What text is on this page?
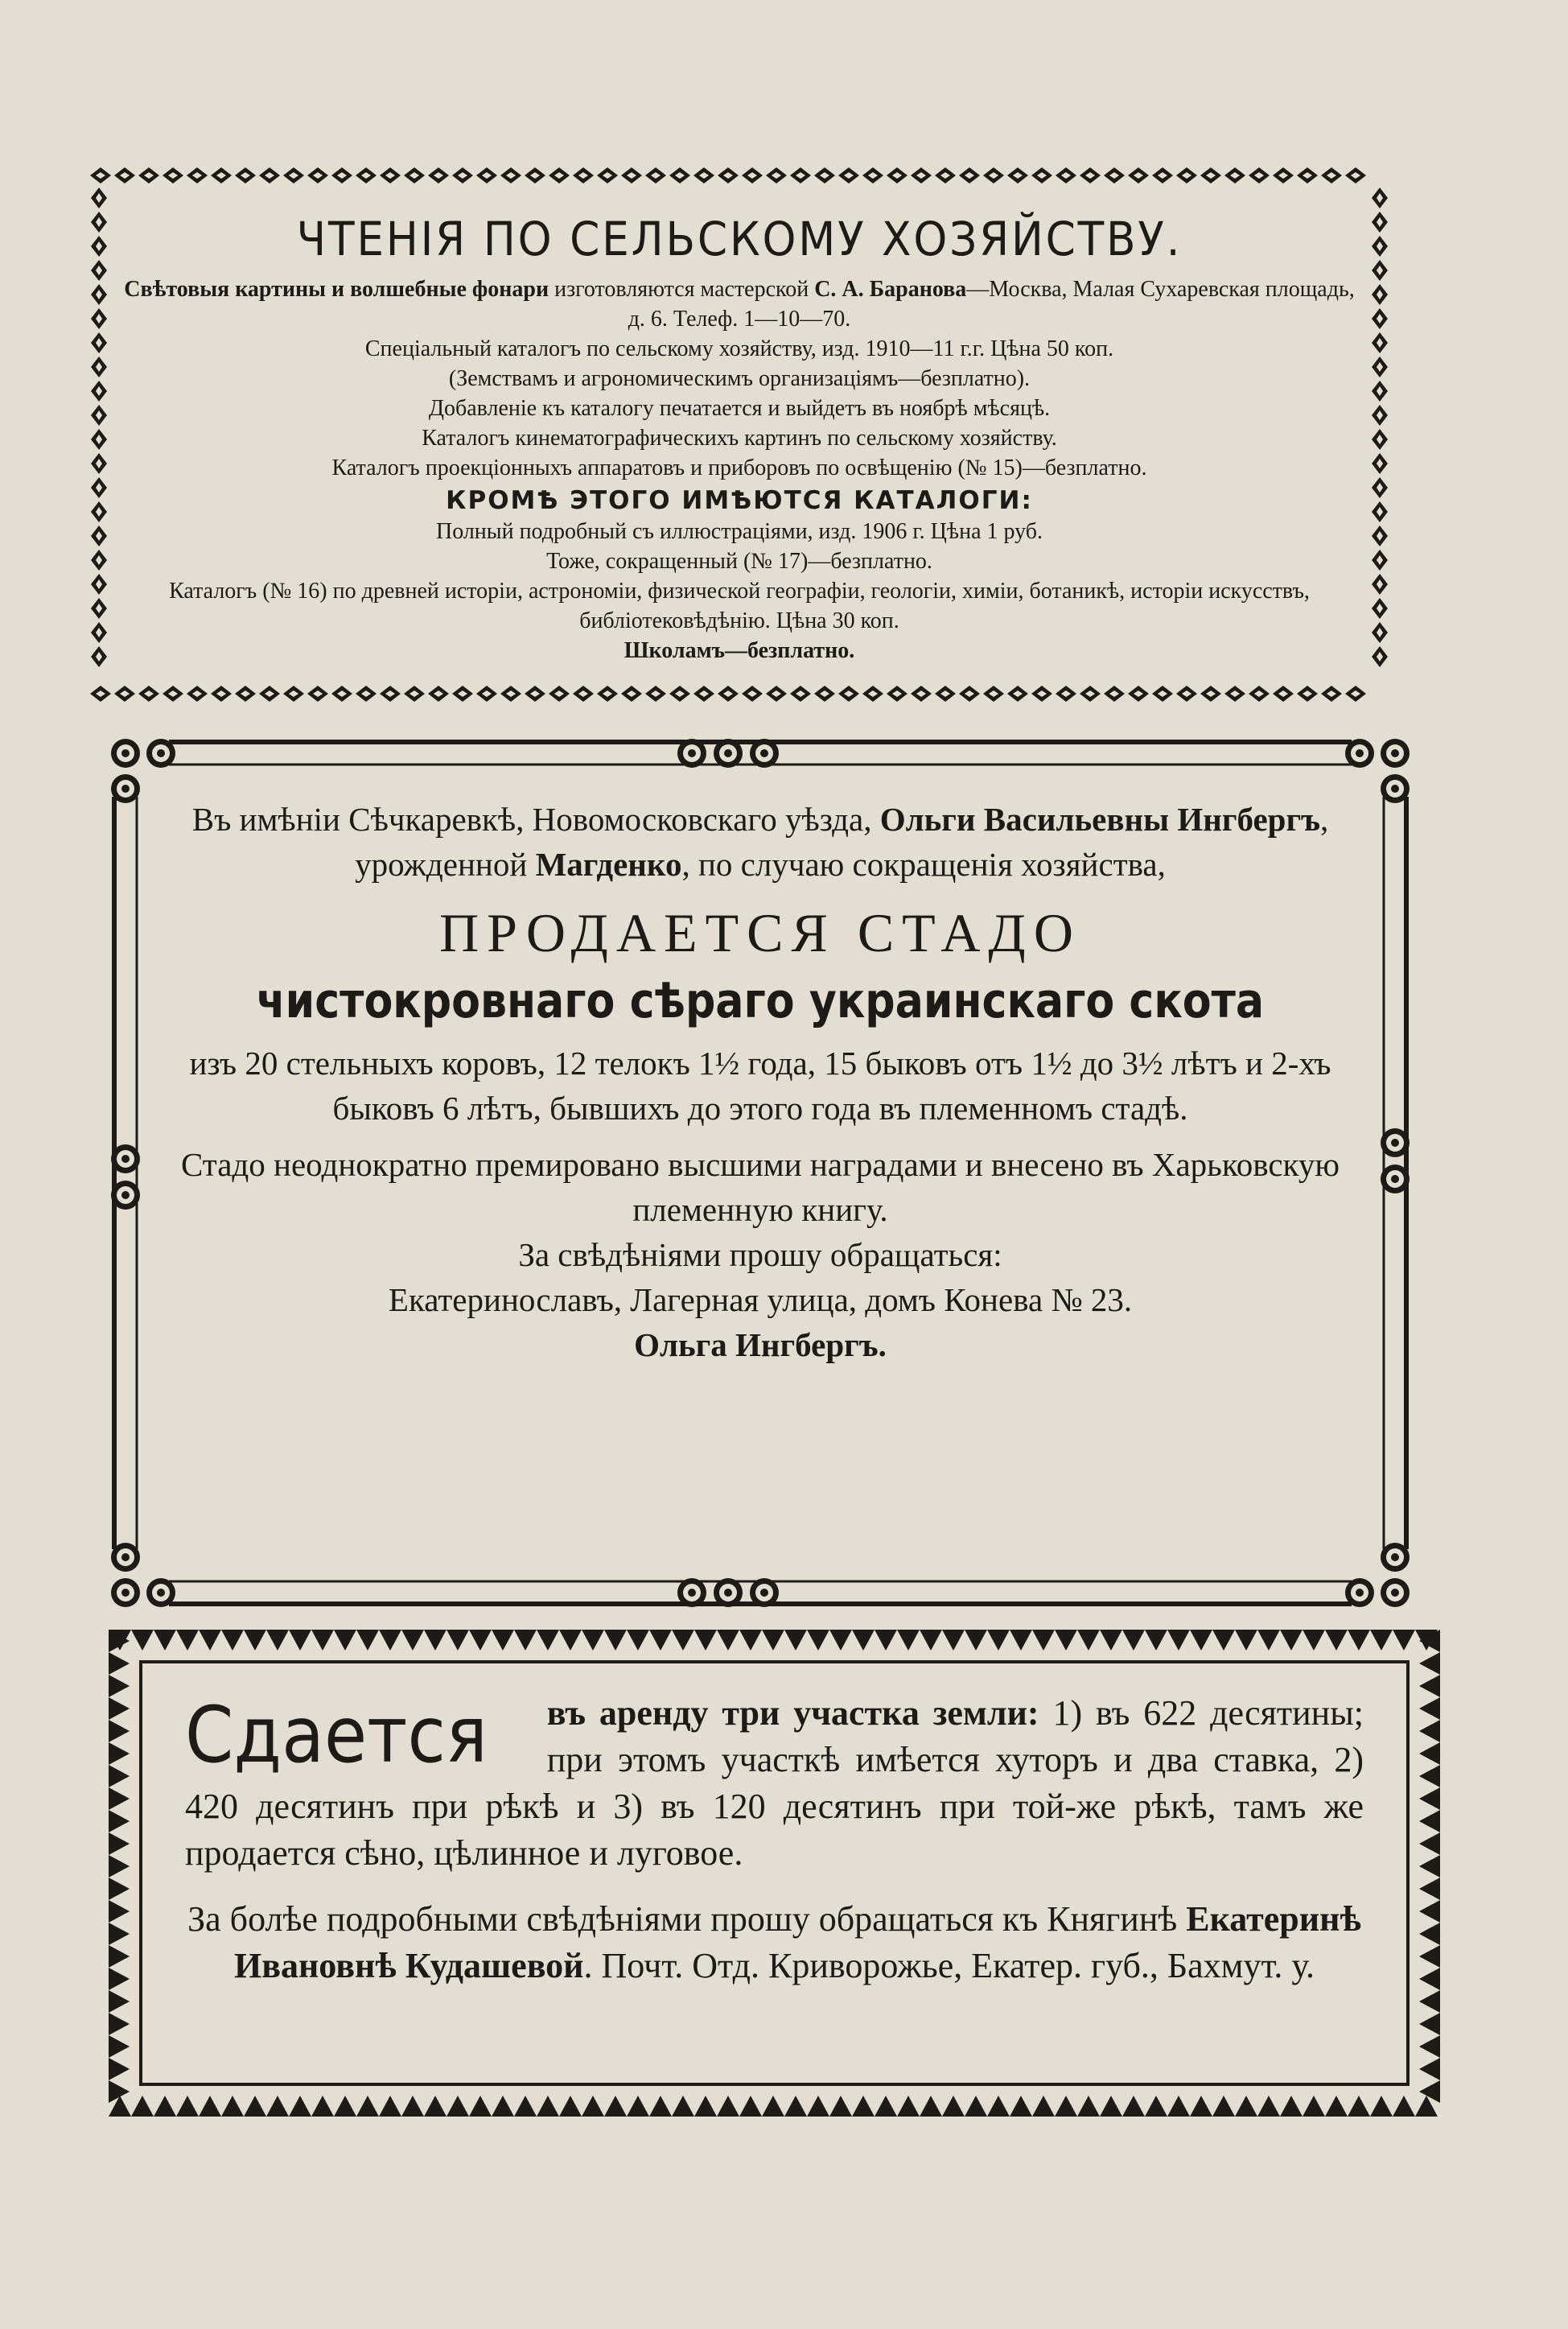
ЧТЕНІЯ ПО СЕЛЬСКОМУ ХОЗЯЙСТВУ.

Свѣтовыя картины и волшебные фонари изготовляются мастерской С. А. Баранова—Москва, Малая Сухаревская площадь, д. 6. Телеф. 1—10—70.

Спеціальный каталогъ по сельскому хозяйству, изд. 1910—11 г.г. Цѣна 50 коп.

(Земствамъ и агрономическимъ организаціямъ—безплатно).

Добавленіе къ каталогу печатается и выйдетъ въ ноябрѣ мѣсяцѣ.

Каталогъ кинематографическихъ картинъ по сельскому хозяйству.

Каталогъ проекціонныхъ аппаратовъ и приборовъ по освѣщенію (№ 15)—безплатно.

КРОМѢ ЭТОГО ИМѢЮТСЯ КАТАЛОГИ:

Полный подробный съ иллюстраціями, изд. 1906 г. Цѣна 1 руб.

Тоже, сокращенный (№ 17)—безплатно.

Каталогъ (№ 16) по древней исторіи, астрономіи, физической географіи, геологіи, химіи, ботаникѣ, исторіи искусствъ, библіотековѣдѣнію. Цѣна 30 коп.

Школамъ—безплатно.

Въ имѣніи Сѣчкаревкѣ, Новомосковскаго уѣзда, Ольги Васильевны Ингбергъ, урожденной Магденко, по случаю сокращенія хозяйства,

ПРОДАЕТСЯ СТАДО
чистокровнаго сѣраго украинскаго скота

изъ 20 стельныхъ коровъ, 12 телокъ 1½ года, 15 быковъ отъ 1½ до 3½ лѣтъ и 2-хъ быковъ 6 лѣтъ, бывшихъ до этого года въ племенномъ стадѣ.

Стадо неоднократно премировано высшими наградами и внесено въ Харьковскую племенную книгу.

За свѣдѣніями прошу обращаться:

Екатеринославъ, Лагерная улица, домъ Конева № 23.

Ольга Ингбергъ.

Сдается	въ аренду три участка земли: 1) въ 622 десятины; при этомъ участкѣ имѣется хуторъ и два ставка, 2) 420 десятинъ при рѣкѣ и 3) въ 120 десятинъ при той-же рѣкѣ, тамъ же продается сѣно, цѣлинное и луговое.

За болѣе подробными свѣдѣніями прошу обращаться къ Княгинѣ Екатеринѣ Ивановнѣ Кудашевой. Почт. Отд. Криворожье, Екатер. губ., Бахмут. у.
